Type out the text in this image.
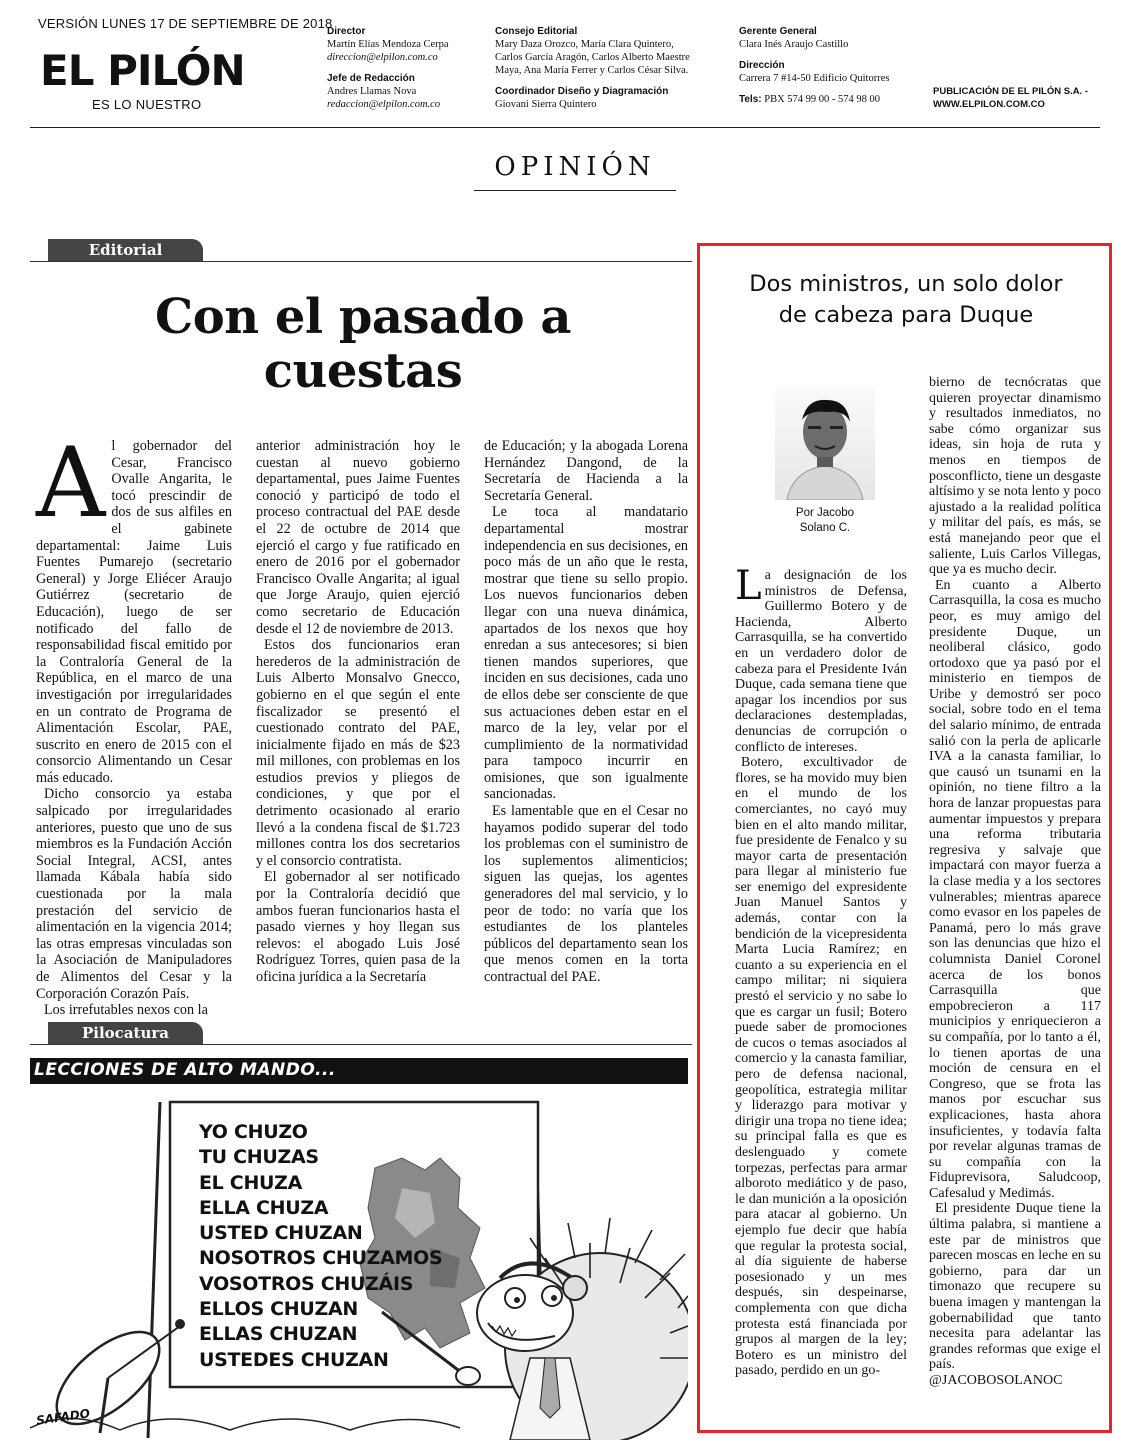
VERSIÓN LUNES 17 DE SEPTIEMBRE DE 2018
EL PILÓN
ES LO NUESTRO
Director
Martín Elías Mendoza Cerpa
direccion@elpilon.com.co
Jefe de Redacción
Andres Llamas Nova
redaccion@elpilon.com.co
Consejo Editorial
Mary Daza Orozco, María Clara Quintero,
Carlos García Aragón, Carlos Alberto Maestre
Maya, Ana María Ferrer y Carlos César Silva.
Coordinador Diseño y Diagramación
Giovani Sierra Quintero
Gerente General
Clara Inés Araujo Castillo
Dirección
Carrera 7 #14-50 Edificio Quitorres
Tels: PBX 574 99 00 - 574 98 00
PUBLICACIÓN DE EL PILÓN S.A. -
WWW.ELPILON.COM.CO
OPINIÓN
Editorial
Con el pasado a
cuestas

Al gobernador del Cesar, Francisco Ovalle Angarita, le tocó prescindir de dos de sus alfiles en el gabinete departamental: Jaime Luis Fuentes Pumarejo (secretario General) y Jorge Eliécer Araujo Gutiérrez (secretario de Educación), luego de ser notificado del fallo de responsabilidad fiscal emitido por la Contraloría General de la República, en el marco de una investigación por irregularidades en un contrato de Programa de Alimentación Escolar, PAE, suscrito en enero de 2015 con el consorcio Alimentando un Cesar más educado.

Dicho consorcio ya estaba salpicado por irregularidades anteriores, puesto que uno de sus miembros es la Fundación Acción Social Integral, ACSI, antes llamada Kábala había sido cuestionada por la mala prestación del servicio de alimentación en la vigencia 2014; las otras empresas vinculadas son la Asociación de Manipuladores de Alimentos del Cesar y la Corporación Corazón País.

Los irrefutables nexos con la

anterior administración hoy le cuestan al nuevo gobierno departamental, pues Jaime Fuentes conoció y participó de todo el proceso contractual del PAE desde el 22 de octubre de 2014 que ejerció el cargo y fue ratificado en enero de 2016 por el gobernador Francisco Ovalle Angarita; al igual que Jorge Araujo, quien ejerció como secretario de Educación desde el 12 de noviembre de 2013.

Estos dos funcionarios eran herederos de la administración de Luis Alberto Monsalvo Gnecco, gobierno en el que según el ente fiscalizador se presentó el cuestionado contrato del PAE, inicialmente fijado en más de $23 mil millones, con problemas en los estudios previos y pliegos de condiciones, y que por el detrimento ocasionado al erario llevó a la condena fiscal de $1.723 millones contra los dos secretarios y el consorcio contratista.

El gobernador al ser notificado por la Contraloría decidió que ambos fueran funcionarios hasta el pasado viernes y hoy llegan sus relevos: el abogado Luis José Rodríguez Torres, quien pasa de la oficina jurídica a la Secretaría

de Educación; y la abogada Lorena Hernández Dangond, de la Secretaría de Hacienda a la Secretaría General.

Le toca al mandatario departamental mostrar independencia en sus decisiones, en poco más de un año que le resta, mostrar que tiene su sello propio. Los nuevos funcionarios deben llegar con una nueva dinámica, apartados de los nexos que hoy enredan a sus antecesores; si bien tienen mandos superiores, que inciden en sus decisiones, cada uno de ellos debe ser consciente de que sus actuaciones deben estar en el marco de la ley, velar por el cumplimiento de la normatividad para tampoco incurrir en omisiones, que son igualmente sancionadas.

Es lamentable que en el Cesar no hayamos podido superar del todo los problemas con el suministro de los suplementos alimenticios; siguen las quejas, los agentes generadores del mal servicio, y lo peor de todo: no varía que los estudiantes de los planteles públicos del departamento sean los que menos comen en la torta contractual del PAE.

Pilocatura
LECCIONES DE ALTO MANDO...
YO CHUZO
TU CHUZAS
EL CHUZA
ELLA CHUZA
USTED CHUZAN
NOSOTROS CHUZAMOS
VOSOTROS CHUZÁIS
ELLOS CHUZAN
ELLAS CHUZAN
USTEDES CHUZAN
SAFADO
Dos ministros, un solo dolor
de cabeza para Duque
Por Jacobo
Solano C.

La designación de los ministros de Defensa, Guillermo Botero y de Hacienda, Alberto Carrasquilla, se ha convertido en un verdadero dolor de cabeza para el Presidente Iván Duque, cada semana tiene que apagar los incendios por sus declaraciones destempladas, denuncias de corrupción o conflicto de intereses.

Botero, excultivador de flores, se ha movido muy bien en el mundo de los comerciantes, no cayó muy bien en el alto mando militar, fue presidente de Fenalco y su mayor carta de presentación para llegar al ministerio fue ser enemigo del expresidente Juan Manuel Santos y además, contar con la bendición de la vicepresidenta Marta Lucia Ramírez; en cuanto a su experiencia en el campo militar; ni siquiera prestó el servicio y no sabe lo que es cargar un fusil; Botero puede saber de promociones de cucos o temas asociados al comercio y la canasta familiar, pero de defensa nacional, geopolítica, estrategia militar y liderazgo para motivar y dirigir una tropa no tiene idea; su principal falla es que es deslenguado y comete torpezas, perfectas para armar alboroto mediático y de paso, le dan munición a la oposición para atacar al gobierno. Un ejemplo fue decir que había que regular la protesta social, al día siguiente de haberse posesionado y un mes después, sin despeinarse, complementa con que dicha protesta está financiada por grupos al margen de la ley; Botero es un ministro del pasado, perdido en un go-

bierno de tecnócratas que quieren proyectar dinamismo y resultados inmediatos, no sabe cómo organizar sus ideas, sin hoja de ruta y menos en tiempos de posconflicto, tiene un desgaste altísimo y se nota lento y poco ajustado a la realidad política y militar del país, es más, se está manejando peor que el saliente, Luis Carlos Villegas, que ya es mucho decir.

En cuanto a Alberto Carrasquilla, la cosa es mucho peor, es muy amigo del presidente Duque, un neoliberal clásico, godo ortodoxo que ya pasó por el ministerio en tiempos de Uribe y demostró ser poco social, sobre todo en el tema del salario mínimo, de entrada salió con la perla de aplicarle IVA a la canasta familiar, lo que causó un tsunami en la opinión, no tiene filtro a la hora de lanzar propuestas para aumentar impuestos y prepara una reforma tributaria regresiva y salvaje que impactará con mayor fuerza a la clase media y a los sectores vulnerables; mientras aparece como evasor en los papeles de Panamá, pero lo más grave son las denuncias que hizo el columnista Daniel Coronel acerca de los bonos Carrasquilla que empobrecieron a 117 municipios y enriquecieron a su compañía, por lo tanto a él, lo tienen aportas de una moción de censura en el Congreso, que se frota las manos por escuchar sus explicaciones, hasta ahora insuficientes, y todavía falta por revelar algunas tramas de su compañía con la Fiduprevisora, Saludcoop, Cafesalud y Medimás.

El presidente Duque tiene la última palabra, si mantiene a este par de ministros que parecen moscas en leche en su gobierno, para dar un timonazo que recupere su buena imagen y mantengan la gobernabilidad que tanto necesita para adelantar las grandes reformas que exige el país.

@JACOBOSOLANOC
